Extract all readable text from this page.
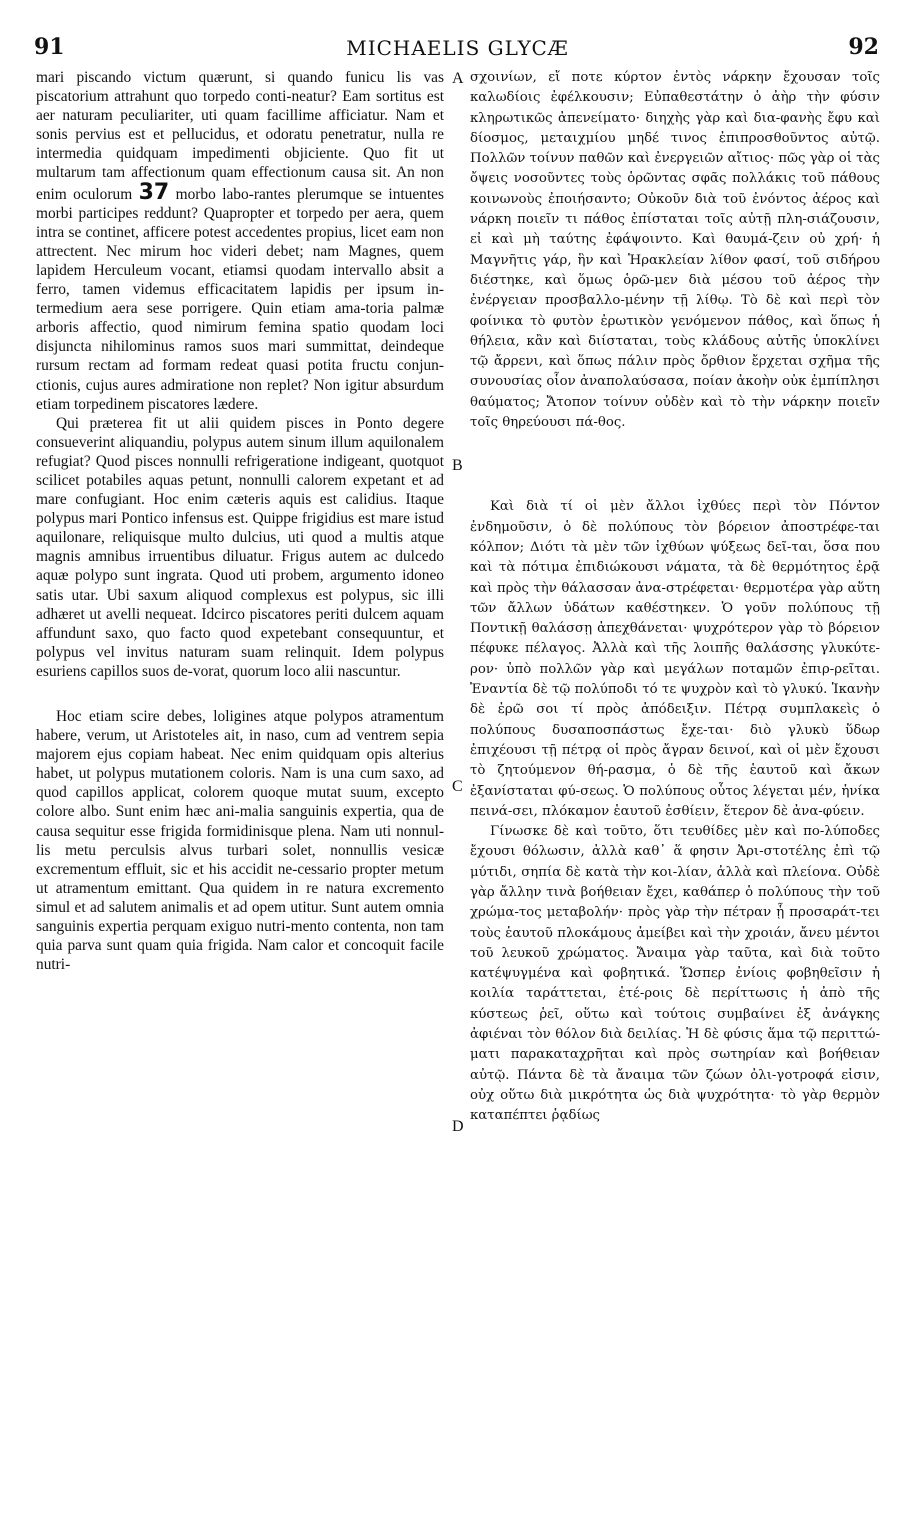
91	MICHAELIS GLYCÆ	92

mari piscando victum quærunt, si quando funicu lis vas piscatorium attrahunt quo torpedo conti-neatur? Eam sortitus est aer naturam peculiariter, uti quam facillime afficiatur. Nam et sonis pervius est et pellucidus, et odoratu penetratur, nulla re intermedia quidquam impedimenti objiciente. Quo fit ut multarum tam affectionum quam effectionum causa sit. An non enim oculorum 37 morbo labo-rantes plerumque se intuentes morbi participes reddunt? Quapropter et torpedo per aera, quem intra se continet, afficere potest accedentes propius, licet eam non attrectent. Nec mirum hoc videri debet; nam Magnes, quem lapidem Herculeum vocant, etiamsi quodam intervallo absit a ferro, tamen videmus efficacitatem lapidis per ipsum in-termedium aera sese porrigere. Quin etiam ama-toria palmæ arboris affectio, quod nimirum femina spatio quodam loci disjuncta nihilominus ramos suos mari summittat, deindeque rursum rectam ad formam redeat quasi potita fructu conjun-ctionis, cujus aures admiratione non replet? Non igitur absurdum etiam torpedinem piscatores lædere.

Qui præterea fit ut alii quidem pisces in Ponto degere consueverint aliquandiu, polypus autem sinum illum aquilonalem refugiat? Quod pisces nonnulli refrigeratione indigeant, quotquot scilicet potabiles aquas petunt, nonnulli calorem expetant et ad mare confugiant. Hoc enim cæteris aquis est calidius. Itaque polypus mari Pontico infensus est. Quippe frigidius est mare istud aquilonare, reliquisque multo dulcius, uti quod a multis atque magnis amnibus irruentibus diluatur. Frigus autem ac dulcedo aquæ polypo sunt ingrata. Quod uti probem, argumento idoneo satis utar. Ubi saxum aliquod complexus est polypus, sic illi adhæret ut avelli nequeat. Idcirco piscatores periti dulcem aquam affundunt saxo, quo facto quod expetebant consequuntur, et polypus vel invitus naturam suam relinquit. Idem polypus esuriens capillos suos de-vorat, quorum loco alii nascuntur.

Hoc etiam scire debes, loligines atque polypos atramentum habere, verum, ut Aristoteles ait, in naso, cum ad ventrem sepia majorem ejus copiam habeat. Nec enim quidquam opis alterius habet, ut polypus mutationem coloris. Nam is una cum saxo, ad quod capillos applicat, colorem quoque mutat suum, excepto colore albo. Sunt enim hæc ani-malia sanguinis expertia, qua de causa sequitur esse frigida formidinisque plena. Nam uti nonnul-lis metu perculsis alvus turbari solet, nonnullis vesicæ excrementum effluit, sic et his accidit ne-cessario propter metum ut atramentum emittant. Qua quidem in re natura excremento simul et ad salutem animalis et ad opem utitur. Sunt autem omnia sanguinis expertia perquam exiguo nutri-mento contenta, non tam quia parva sunt quam quia frigida. Nam calor et concoquit facile nutri-

σχοινίων, εἴ ποτε κύρτον ἐντὸς νάρκην ἔχουσαν τοῖς καλωδίοις ἐφέλκουσιν; Εὐπαθεστάτην ὁ ἀὴρ τὴν φύσιν κληρωτικῶς ἀπενείματο· διηχὴς γὰρ καὶ δια-φανὴς ἔφυ καὶ δίοσμος, μεταιχμίου μηδέ τινος ἐπιπροσθοῦντος αὐτῷ. Πολλῶν τοίνυν παθῶν καὶ ἐνεργειῶν αἴτιος· πῶς γὰρ οἱ τὰς ὄψεις νοσοῦντες τοὺς ὁρῶντας σφᾶς πολλάκις τοῦ πάθους κοινωνοὺς ἐποιήσαντο; Οὐκοῦν διὰ τοῦ ἐνόντος ἀέρος καὶ νάρκη ποιεῖν τι πάθος ἐπίσταται τοῖς αὐτῇ πλη-σιάζουσιν, εἰ καὶ μὴ ταύτης ἐφάψοιντο. Καὶ θαυμά-ζειν οὐ χρή· ἡ Μαγνῆτις γάρ, ἣν καὶ Ἡρακλείαν λίθον φασί, τοῦ σιδήρου διέστηκε, καὶ ὅμως ὁρῶ-μεν διὰ μέσου τοῦ ἀέρος τὴν ἐνέργειαν προσβαλλο-μένην τῇ λίθῳ. Τὸ δὲ καὶ περὶ τὸν φοίνικα τὸ φυτὸν ἐρωτικὸν γενόμενον πάθος, καὶ ὅπως ἡ θήλεια, κἂν καὶ διίσταται, τοὺς κλάδους αὐτῆς ὑποκλίνει τῷ ἄρρενι, καὶ ὅπως πάλιν πρὸς ὄρθιον ἔρχεται σχῆμα τῆς συνουσίας οἷον ἀναπολαύσασα, ποίαν ἀκοὴν οὐκ ἐμπίπλησι θαύματος; Ἄτοπον τοίνυν οὐδὲν καὶ τὸ τὴν νάρκην ποιεῖν τοῖς θηρεύουσι πά-θος.

Καὶ διὰ τί οἱ μὲν ἄλλοι ἰχθύες περὶ τὸν Πόντον ἐνδημοῦσιν, ὁ δὲ πολύπους τὸν βόρειον ἀποστρέφε-ται κόλπον; Διότι τὰ μὲν τῶν ἰχθύων ψύξεως δεῖ-ται, ὅσα που καὶ τὰ πότιμα ἐπιδιώκουσι νάματα, τὰ δὲ θερμότητος ἐρᾷ καὶ πρὸς τὴν θάλασσαν ἀνα-στρέφεται· θερμοτέρα γὰρ αὕτη τῶν ἄλλων ὑδάτων καθέστηκεν. Ὁ γοῦν πολύπους τῇ Ποντικῇ θαλάσσῃ ἀπεχθάνεται· ψυχρότερον γὰρ τὸ βόρειον πέφυκε πέλαγος. Ἀλλὰ καὶ τῆς λοιπῆς θαλάσσης γλυκύτε-ρον· ὑπὸ πολλῶν γὰρ καὶ μεγάλων ποταμῶν ἐπιρ-ρεῖται. Ἐναντία δὲ τῷ πολύποδι τό τε ψυχρὸν καὶ τὸ γλυκύ. Ἱκανὴν δὲ ἐρῶ σοι τί πρὸς ἀπόδειξιν. Πέτρᾳ συμπλακεὶς ὁ πολύπους δυσαποσπάστως ἔχε-ται· διὸ γλυκὺ ὕδωρ ἐπιχέουσι τῇ πέτρᾳ οἱ πρὸς ἄγραν δεινοί, καὶ οἱ μὲν ἔχουσι τὸ ζητούμενον θή-ρασμα, ὁ δὲ τῆς ἑαυτοῦ καὶ ἄκων ἐξανίσταται φύ-σεως. Ὁ πολύπους οὗτος λέγεται μέν, ἡνίκα πεινά-σει, πλόκαμον ἑαυτοῦ ἐσθίειν, ἕτερον δὲ ἀνα-φύειν.

Γίνωσκε δὲ καὶ τοῦτο, ὅτι τευθίδες μὲν καὶ πο-λύποδες ἔχουσι θόλωσιν, ἀλλὰ καθ᾽ ἅ φησιν Ἀρι-στοτέλης ἐπὶ τῷ μύτιδι, σηπία δὲ κατὰ τὴν κοι-λίαν, ἀλλὰ καὶ πλείονα. Οὐδὲ γὰρ ἄλλην τινὰ βοήθειαν ἔχει, καθάπερ ὁ πολύπους τὴν τοῦ χρώμα-τος μεταβολήν· πρὸς γὰρ τὴν πέτραν ᾗ προσαράτ-τει τοὺς ἑαυτοῦ πλοκάμους ἀμείβει καὶ τὴν χροιάν, ἄνευ μέντοι τοῦ λευκοῦ χρώματος. Ἄναιμα γὰρ ταῦτα, καὶ διὰ τοῦτο κατέψυγμένα καὶ φοβητικά. Ὥσπερ ἐνίοις φοβηθεῖσιν ἡ κοιλία ταράττεται, ἑτέ-ροις δὲ περίττωσις ἡ ἀπὸ τῆς κύστεως ῥεῖ, οὕτω καὶ τούτοις συμβαίνει ἐξ ἀνάγκης ἀφιέναι τὸν θόλον διὰ δειλίας. Ἡ δὲ φύσις ἅμα τῷ περιττώ-ματι παρακαταχρῆται καὶ πρὸς σωτηρίαν καὶ βοήθειαν αὐτῷ. Πάντα δὲ τὰ ἄναιμα τῶν ζώων ὀλι-γοτροφά εἰσιν, οὐχ οὕτω διὰ μικρότητα ὡς διὰ ψυχρότητα· τὸ γὰρ θερμὸν καταπέπτει ῥᾳδίως

A
B
C
D
